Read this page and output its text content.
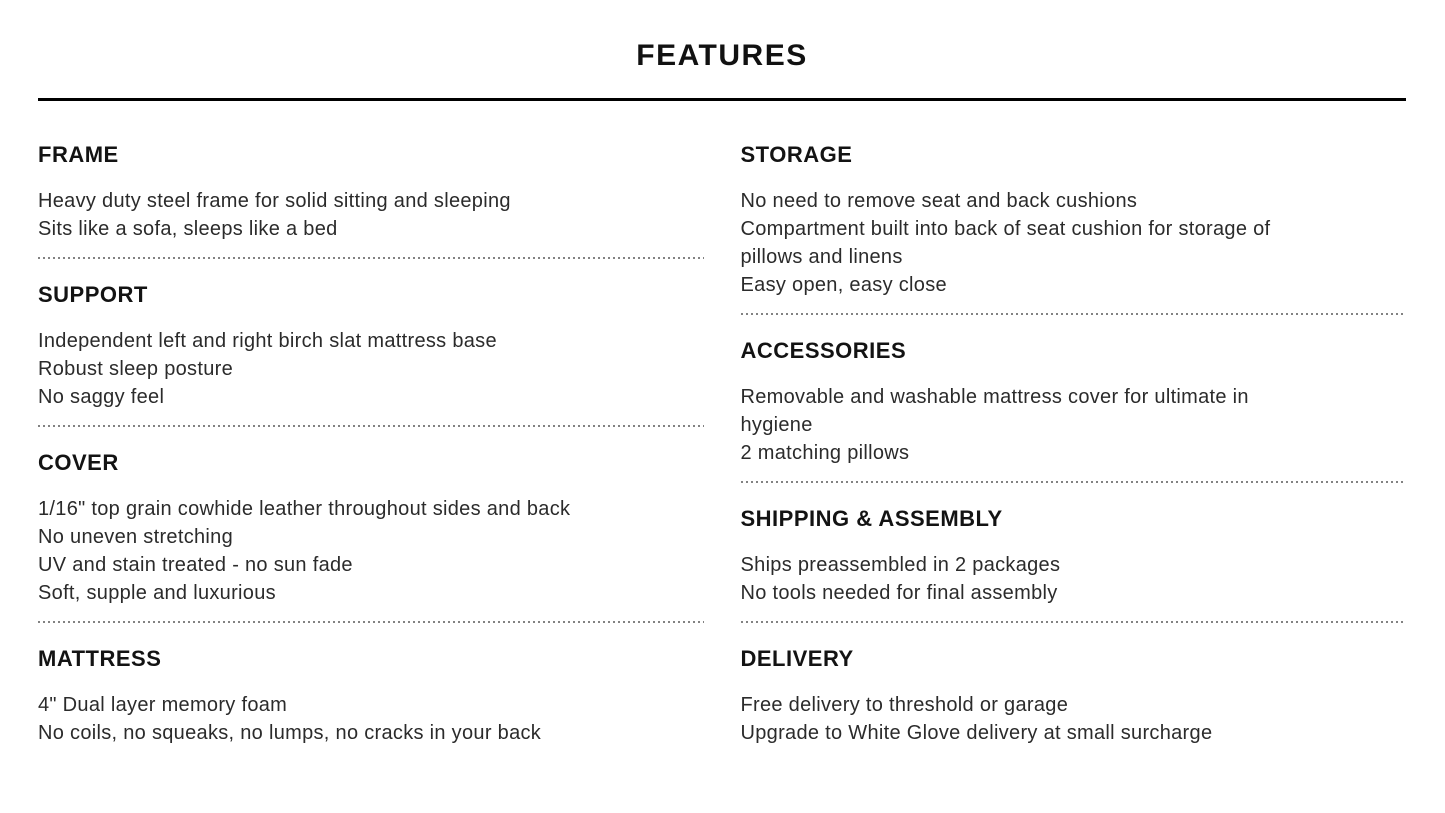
FEATURES
FRAME
Heavy duty steel frame for solid sitting and sleeping
Sits like a sofa, sleeps like a bed
SUPPORT
Independent left and right birch slat mattress base
Robust sleep posture
No saggy feel
COVER
1/16" top grain cowhide leather throughout sides and back
No uneven stretching
UV and stain treated - no sun fade
Soft, supple and luxurious
MATTRESS
4" Dual layer memory foam
No coils, no squeaks, no lumps, no cracks in your back
STORAGE
No need to remove seat and back cushions
Compartment built into back of seat cushion for storage of
pillows and linens
Easy open, easy close
ACCESSORIES
Removable and washable mattress cover for ultimate in
hygiene
2 matching pillows
SHIPPING & ASSEMBLY
Ships preassembled in 2 packages
No tools needed for final assembly
DELIVERY
Free delivery to threshold or garage
Upgrade to White Glove delivery at small surcharge
